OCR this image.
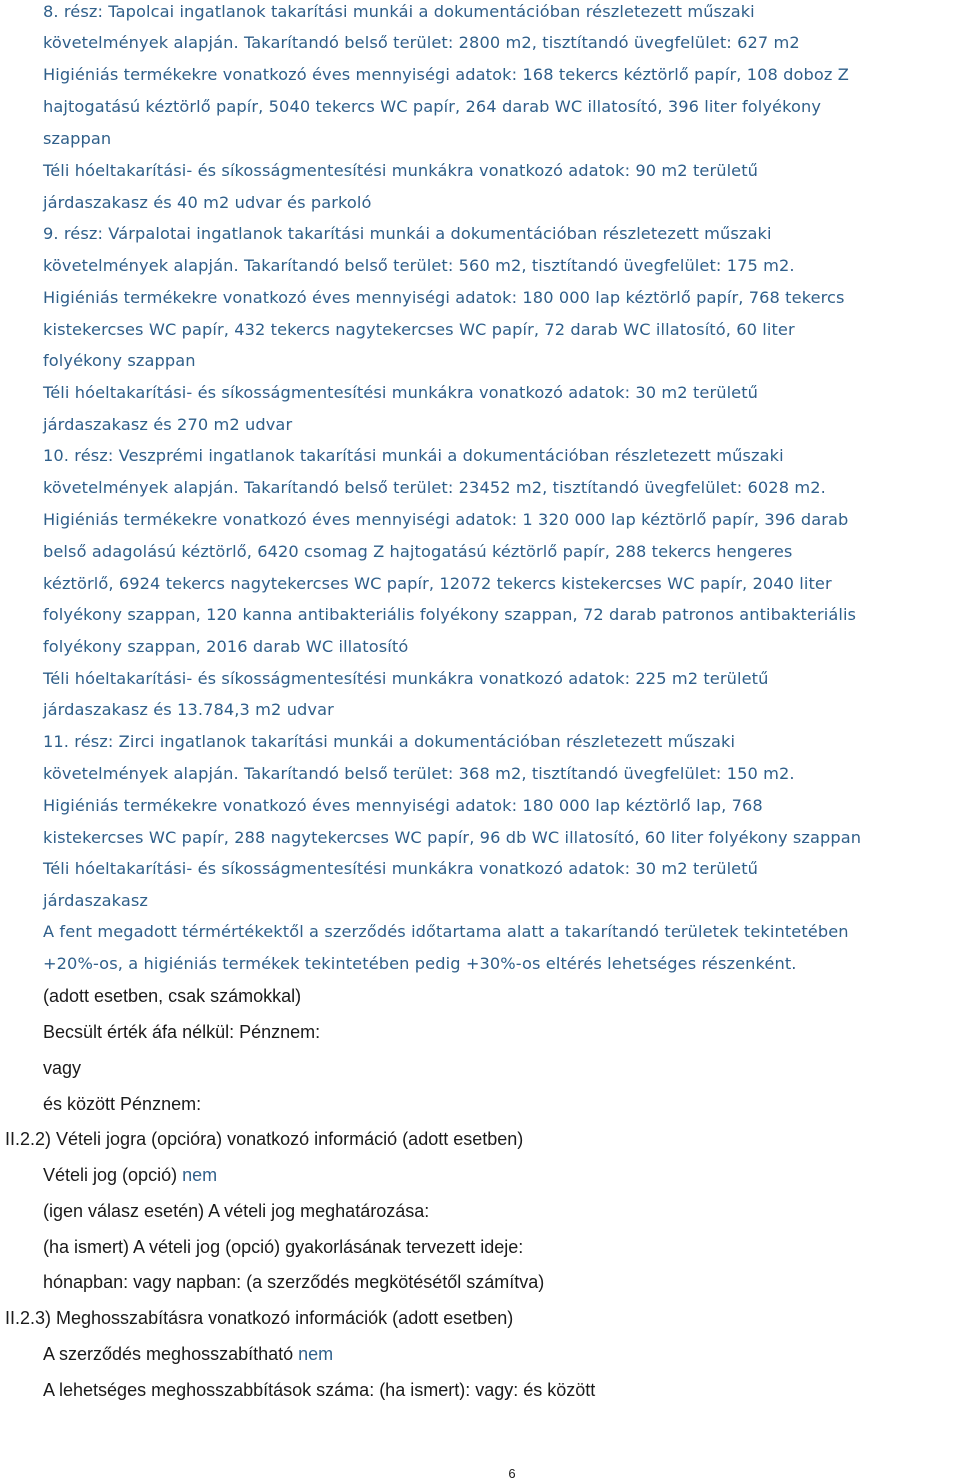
8. rész: Tapolcai ingatlanok takarítási munkái a dokumentációban részletezett műszaki
követelmények alapján. Takarítandó belső terület: 2800 m2, tisztítandó üvegfelület: 627 m2
Higiéniás termékekre vonatkozó éves mennyiségi adatok: 168 tekercs kéztörlő papír, 108 doboz Z
hajtogatású kéztörlő papír, 5040 tekercs WC papír, 264 darab WC illatosító, 396 liter folyékony
szappan
Téli hóeltakarítási- és síkosságmentesítési munkákra vonatkozó adatok: 90 m2 területű
járdaszakasz és 40 m2 udvar és parkoló
9. rész: Várpalotai ingatlanok takarítási munkái a dokumentációban részletezett műszaki
követelmények alapján. Takarítandó belső terület: 560 m2, tisztítandó üvegfelület: 175 m2.
Higiéniás termékekre vonatkozó éves mennyiségi adatok: 180 000 lap kéztörlő papír, 768 tekercs
kistekercses WC papír, 432 tekercs nagytekercses WC papír, 72 darab WC illatosító, 60 liter
folyékony szappan
Téli hóeltakarítási- és síkosságmentesítési munkákra vonatkozó adatok: 30 m2 területű
járdaszakasz és 270 m2 udvar
10. rész: Veszprémi ingatlanok takarítási munkái a dokumentációban részletezett műszaki
követelmények alapján. Takarítandó belső terület: 23452 m2, tisztítandó üvegfelület: 6028 m2.
Higiéniás termékekre vonatkozó éves mennyiségi adatok: 1 320 000 lap kéztörlő papír, 396 darab
belső adagolású kéztörlő, 6420 csomag Z hajtogatású kéztörlő papír, 288 tekercs hengeres
kéztörlő, 6924 tekercs nagytekercses WC papír, 12072 tekercs kistekercses WC papír, 2040 liter
folyékony szappan, 120 kanna antibakteriális folyékony szappan, 72 darab patronos antibakteriális
folyékony szappan, 2016 darab WC illatosító
Téli hóeltakarítási- és síkosságmentesítési munkákra vonatkozó adatok: 225 m2 területű
járdaszakasz és 13.784,3 m2 udvar
11. rész: Zirci ingatlanok takarítási munkái a dokumentációban részletezett műszaki
követelmények alapján. Takarítandó belső terület: 368 m2, tisztítandó üvegfelület: 150 m2.
Higiéniás termékekre vonatkozó éves mennyiségi adatok: 180 000 lap kéztörlő lap, 768
kistekercses WC papír, 288 nagytekercses WC papír, 96 db WC illatosító, 60 liter folyékony szappan
Téli hóeltakarítási- és síkosságmentesítési munkákra vonatkozó adatok: 30 m2 területű
járdaszakasz
A fent megadott térmértékektől a szerződés időtartama alatt a takarítandó területek tekintetében
+20%-os, a higiéniás termékek tekintetében pedig +30%-os eltérés lehetséges részenként.
(adott esetben, csak számokkal)
Becsült érték áfa nélkül: Pénznem:
vagy
és között Pénznem:
II.2.2) Vételi jogra (opcióra) vonatkozó információ (adott esetben)
Vételi jog (opció) nem
(igen válasz esetén) A vételi jog meghatározása:
(ha ismert) A vételi jog (opció) gyakorlásának tervezett ideje:
hónapban: vagy napban: (a szerződés megkötésétől számítva)
II.2.3) Meghosszabításra vonatkozó információk (adott esetben)
A szerződés meghosszabítható nem
A lehetséges meghosszabbítások száma: (ha ismert): vagy: és között
6
